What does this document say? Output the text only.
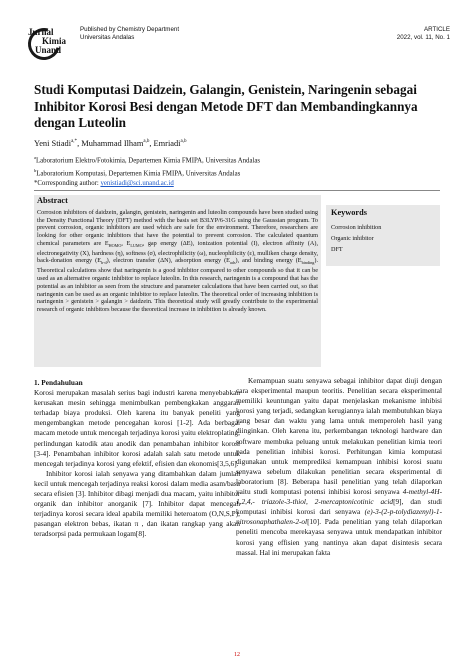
Jurnal
Kimia
Unand
Published by Chemistry Department
Universitas Andalas
ARTICLE
2022, vol. 11, No. 1
Studi Komputasi Daidzein, Galangin, Genistein, Naringenin sebagai Inhibitor Korosi Besi dengan Metode DFT dan Membandingkannya dengan Luteolin
Yeni Stiadi$^{a,*}$, Muhammad Ilham$^{a,b}$, Emriadi$^{a,b}$
$^a$Laboratorium Elektro/Fotokimia, Departemen Kimia FMIPA, Universitas Andalas
$^b$Laboratorium Komputasi, Departemen Kimia FMIPA, Universitas Andalas
*Corresponding author: yenistiadi@sci.unand.ac.id
Abstract
Corrosion inhibitors of daidzein, galangin, genistein, naringenin and luteolin compounds have been studied using the Density Functional Theory (DFT) method with the basis set B3LYP/6-31G using the Gaussian program. To prevent corrosion, organic inhibitors are used which are safe for the environment. Therefore, researchers are looking for other organic inhibitors that have the potential to prevent corrosion. The calculated quantum chemical parameters are $E_{HOMO}$, $E_{LUMO}$, gap energy (ΔE), ionization potential (I), electron affinity (A), electronegativity (X), hardness (η), softness (σ), electrophilicity (ω), nucleophilicity (ε), mulliken charge density, back-donation energy $(E_{b-d})$, electron transfer (ΔN), adsorption energy $(E_{ads})$, and binding energy $(E_{binding})$. Theoretical calculations show that naringenin is a good inhibitor compared to other compounds so that it can be used as an alternative organic inhibitor to replace luteolin. In this research, naringenin is a compound that has the potential as an inhibitor as seen from the structure and parameter calculations that have been carried out, so that naringenin can be used as an organic inhibitor to replace luteolin. The theoretical order of increasing inhibition is naringenin > genistein > galangin > daidzein. This theoretical study will greatly contribute to the experimental research of organic inhibitors because the theoretical increase in inhibition is already known.
Keywords
Corrosion inhibition
Organic inhibitor
DFT

1. Pendahuluan

Korosi merupakan masalah serius bagi industri karena menyebabkan kerusakan mesin sehingga menimbulkan pembengkakan anggaran terhadap biaya produksi. Oleh karena itu banyak peneliti yang mengembangkan metode pencegahan korosi [1-2]. Ada berbagai macam metode untuk mencegah terjadinya korosi yaitu elektroplating, perlindungan katodik atau anodik dan penambahan inhibitor korosi [3-4]. Penambahan inhibitor korosi adalah salah satu metode untuk mencegah terjadinya korosi yang efektif, efisien dan ekonomis[3,5,6].

Inhibitor korosi ialah senyawa yang ditambahkan dalam jumlah kecil untuk mencegah terjadinya reaksi korosi dalam media asam/basa secara efisien [3]. Inhibitor dibagi menjadi dua macam, yaitu inhibitor organik dan inhibitor anorganik [7]. Inhibitor dapat mencegah terjadinya korosi secara ideal apabila memiliki heteroatom (O,N,S,P), pasangan elektron bebas, ikatan π , dan ikatan rangkap yang akan teradsorpsi pada permukaan logam[8].

Kemampuan suatu senyawa sebagai inhibitor dapat diuji dengan cara eksperimental maupun teoritis. Penelitian secara eksperimental memiliki keuntungan yaitu dapat menjelaskan mekanisme inhibisi korosi yang terjadi, sedangkan kerugiannya ialah membutuhkan biaya yang besar dan waktu yang lama untuk memperoleh hasil yang diinginkan. Oleh karena itu, perkembangan teknologi hardware dan software membuka peluang untuk melakukan penelitian kimia teori pada penelitian inhibisi korosi. Perhitungan kimia komputasi digunakan untuk memprediksi kemampuan inhibisi korosi suatu senyawa sebelum dilakukan penelitian secara eksperimental di laboratorium [8]. Beberapa hasil penelitian yang telah dilaporkan yaitu studi komputasi potensi inhibisi korosi senyawa 4-methyl-4H-1,2,4,- triazole-3-thiol, 2-mercaptonicotinic acid[9], dan studi komputasi inhibisi korosi dari senyawa (e)-3-(2-p-tolydiazenyl)-1-nitrosonaphathalen-2-ol[10]. Pada penelitian yang telah dilaporkan peneliti mencoba merekayasa senyawa untuk mendapatkan inhibitor korosi yang effisien yang nantinya akan dapat disintesis secara massal. Hal ini merupakan fakta

12
